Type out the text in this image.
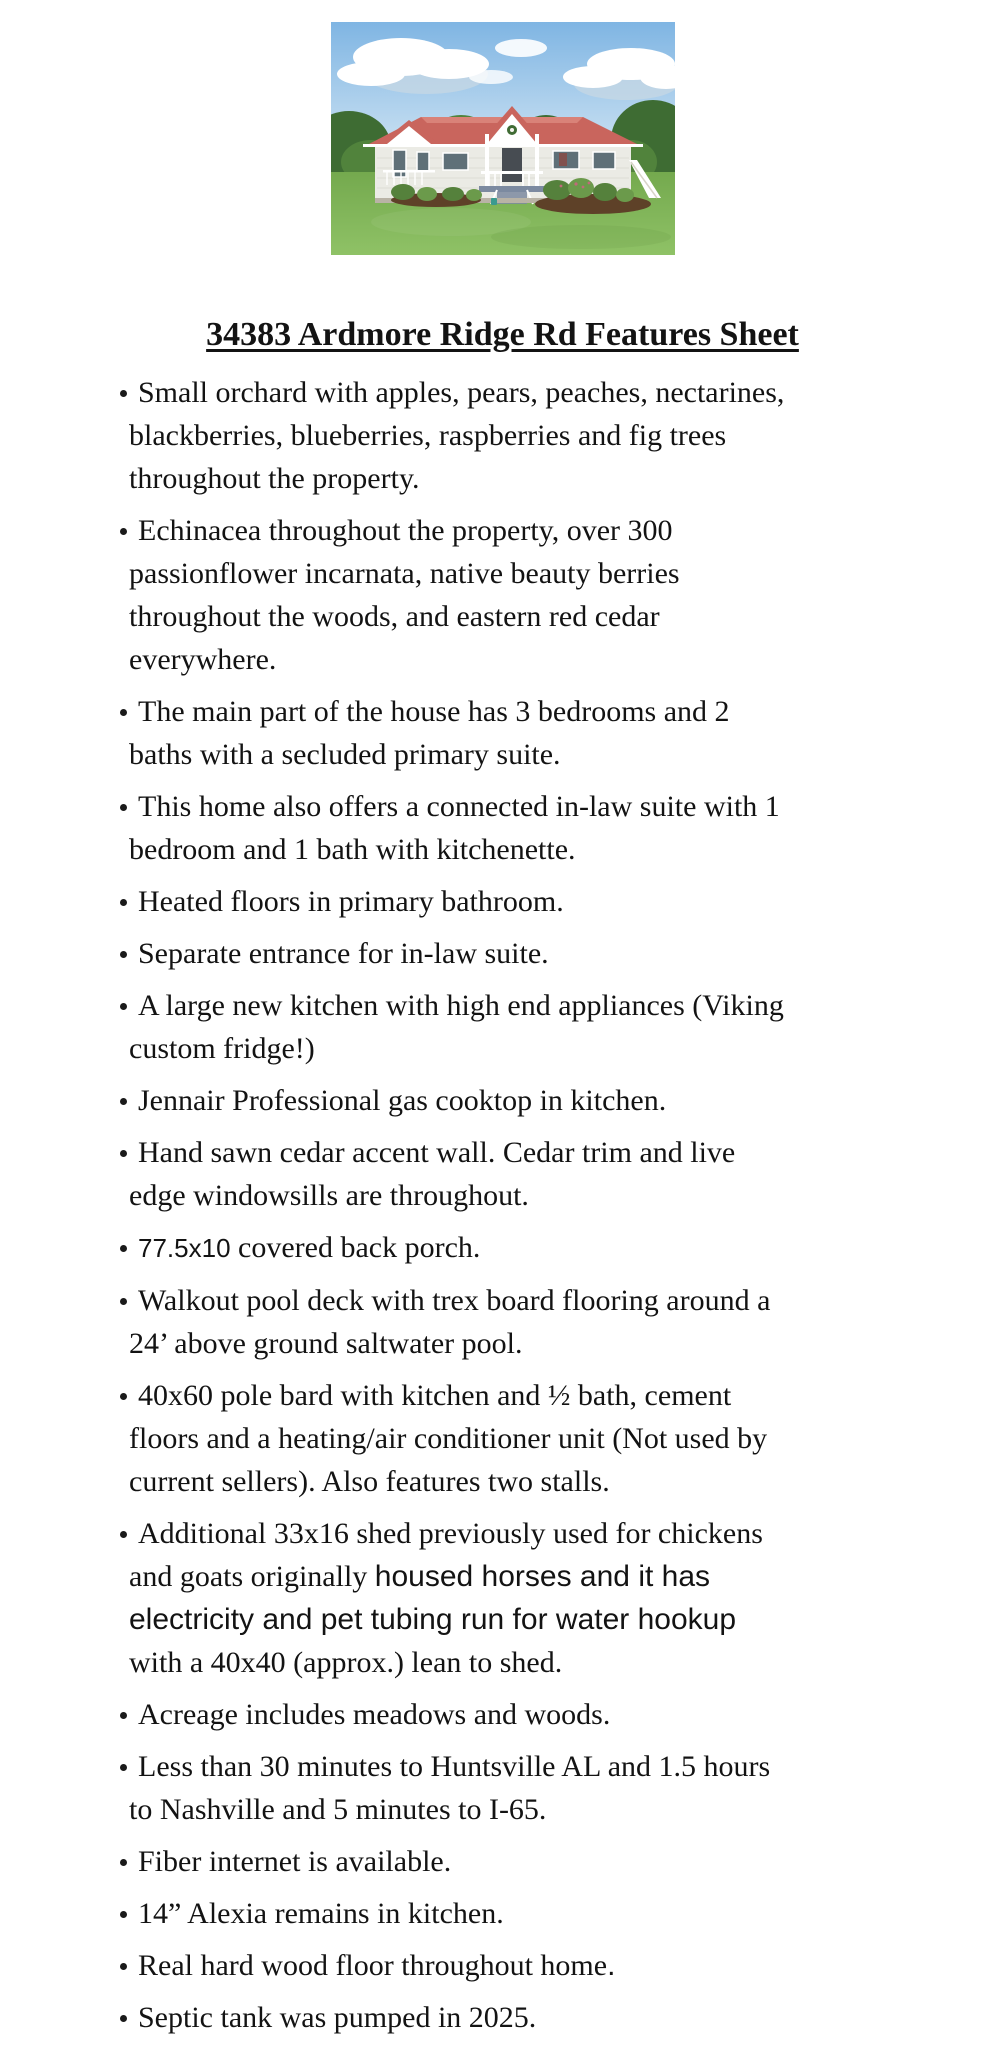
34383 Ardmore Ridge Rd Features Sheet
Small orchard with apples, pears, peaches, nectarines,
blackberries, blueberries, raspberries and fig trees
throughout the property.
Echinacea throughout the property, over 300
passionflower incarnata, native beauty berries
throughout the woods, and eastern red cedar
everywhere.
The main part of the house has 3 bedrooms and 2
baths with a secluded primary suite.
This home also offers a connected in-law suite with 1
bedroom and 1 bath with kitchenette.
Heated floors in primary bathroom.
Separate entrance for in-law suite.
A large new kitchen with high end appliances (Viking
custom fridge!)
Jennair Professional gas cooktop in kitchen.
Hand sawn cedar accent wall. Cedar trim and live
edge windowsills are throughout.
77.5x10 covered back porch.
Walkout pool deck with trex board flooring around a
24’ above ground saltwater pool.
40x60 pole bard with kitchen and ½ bath, cement
floors and a heating/air conditioner unit (Not used by
current sellers). Also features two stalls.
Additional 33x16 shed previously used for chickens
and goats originally housed horses and it has
electricity and pet tubing run for water hookup
with a 40x40 (approx.) lean to shed.
Acreage includes meadows and woods.
Less than 30 minutes to Huntsville AL and 1.5 hours
to Nashville and 5 minutes to I-65.
Fiber internet is available.
14” Alexia remains in kitchen.
Real hard wood floor throughout home.
Septic tank was pumped in 2025.
